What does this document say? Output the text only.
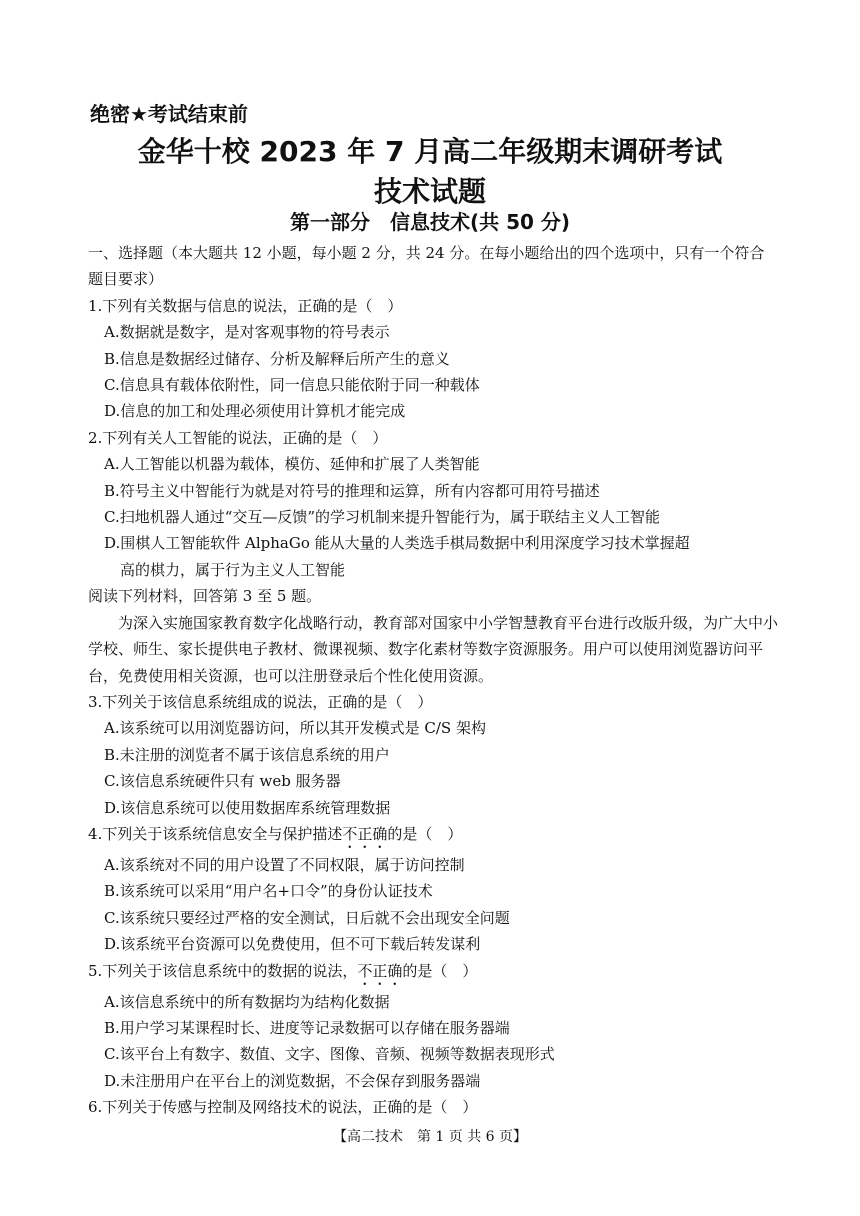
绝密★考试结束前
金华十校 2023 年 7 月高二年级期末调研考试
技术试题
第一部分　信息技术(共 50 分)
一、选择题（本大题共 12 小题，每小题 2 分，共 24 分。在每小题给出的四个选项中，只有一个符合题目要求）
1.下列有关数据与信息的说法，正确的是（　）
A.数据就是数字，是对客观事物的符号表示
B.信息是数据经过储存、分析及解释后所产生的意义
C.信息具有载体依附性，同一信息只能依附于同一种载体
D.信息的加工和处理必须使用计算机才能完成
2.下列有关人工智能的说法，正确的是（　）
A.人工智能以机器为载体，模仿、延伸和扩展了人类智能
B.符号主义中智能行为就是对符号的推理和运算，所有内容都可用符号描述
C.扫地机器人通过“交互—反馈”的学习机制来提升智能行为，属于联结主义人工智能
D.围棋人工智能软件 AlphaGo 能从大量的人类选手棋局数据中利用深度学习技术掌握超
高的棋力，属于行为主义人工智能
阅读下列材料，回答第 3 至 5 题。
为深入实施国家教育数字化战略行动，教育部对国家中小学智慧教育平台进行改版升级，为广大中小学校、师生、家长提供电子教材、微课视频、数字化素材等数字资源服务。用户可以使用浏览器访问平台，免费使用相关资源，也可以注册登录后个性化使用资源。
3.下列关于该信息系统组成的说法，正确的是（　）
A.该系统可以用浏览器访问，所以其开发模式是 C/S 架构
B.未注册的浏览者不属于该信息系统的用户
C.该信息系统硬件只有 web 服务器
D.该信息系统可以使用数据库系统管理数据
4.下列关于该系统信息安全与保护描述不正确的是（　）
A.该系统对不同的用户设置了不同权限，属于访问控制
B.该系统可以采用“用户名+口令”的身份认证技术
C.该系统只要经过严格的安全测试，日后就不会出现安全问题
D.该系统平台资源可以免费使用，但不可下载后转发谋利
5.下列关于该信息系统中的数据的说法，不正确的是（　）
A.该信息系统中的所有数据均为结构化数据
B.用户学习某课程时长、进度等记录数据可以存储在服务器端
C.该平台上有数字、数值、文字、图像、音频、视频等数据表现形式
D.未注册用户在平台上的浏览数据，不会保存到服务器端
6.下列关于传感与控制及网络技术的说法，正确的是（　）
【高二技术　第 1 页 共 6 页】
